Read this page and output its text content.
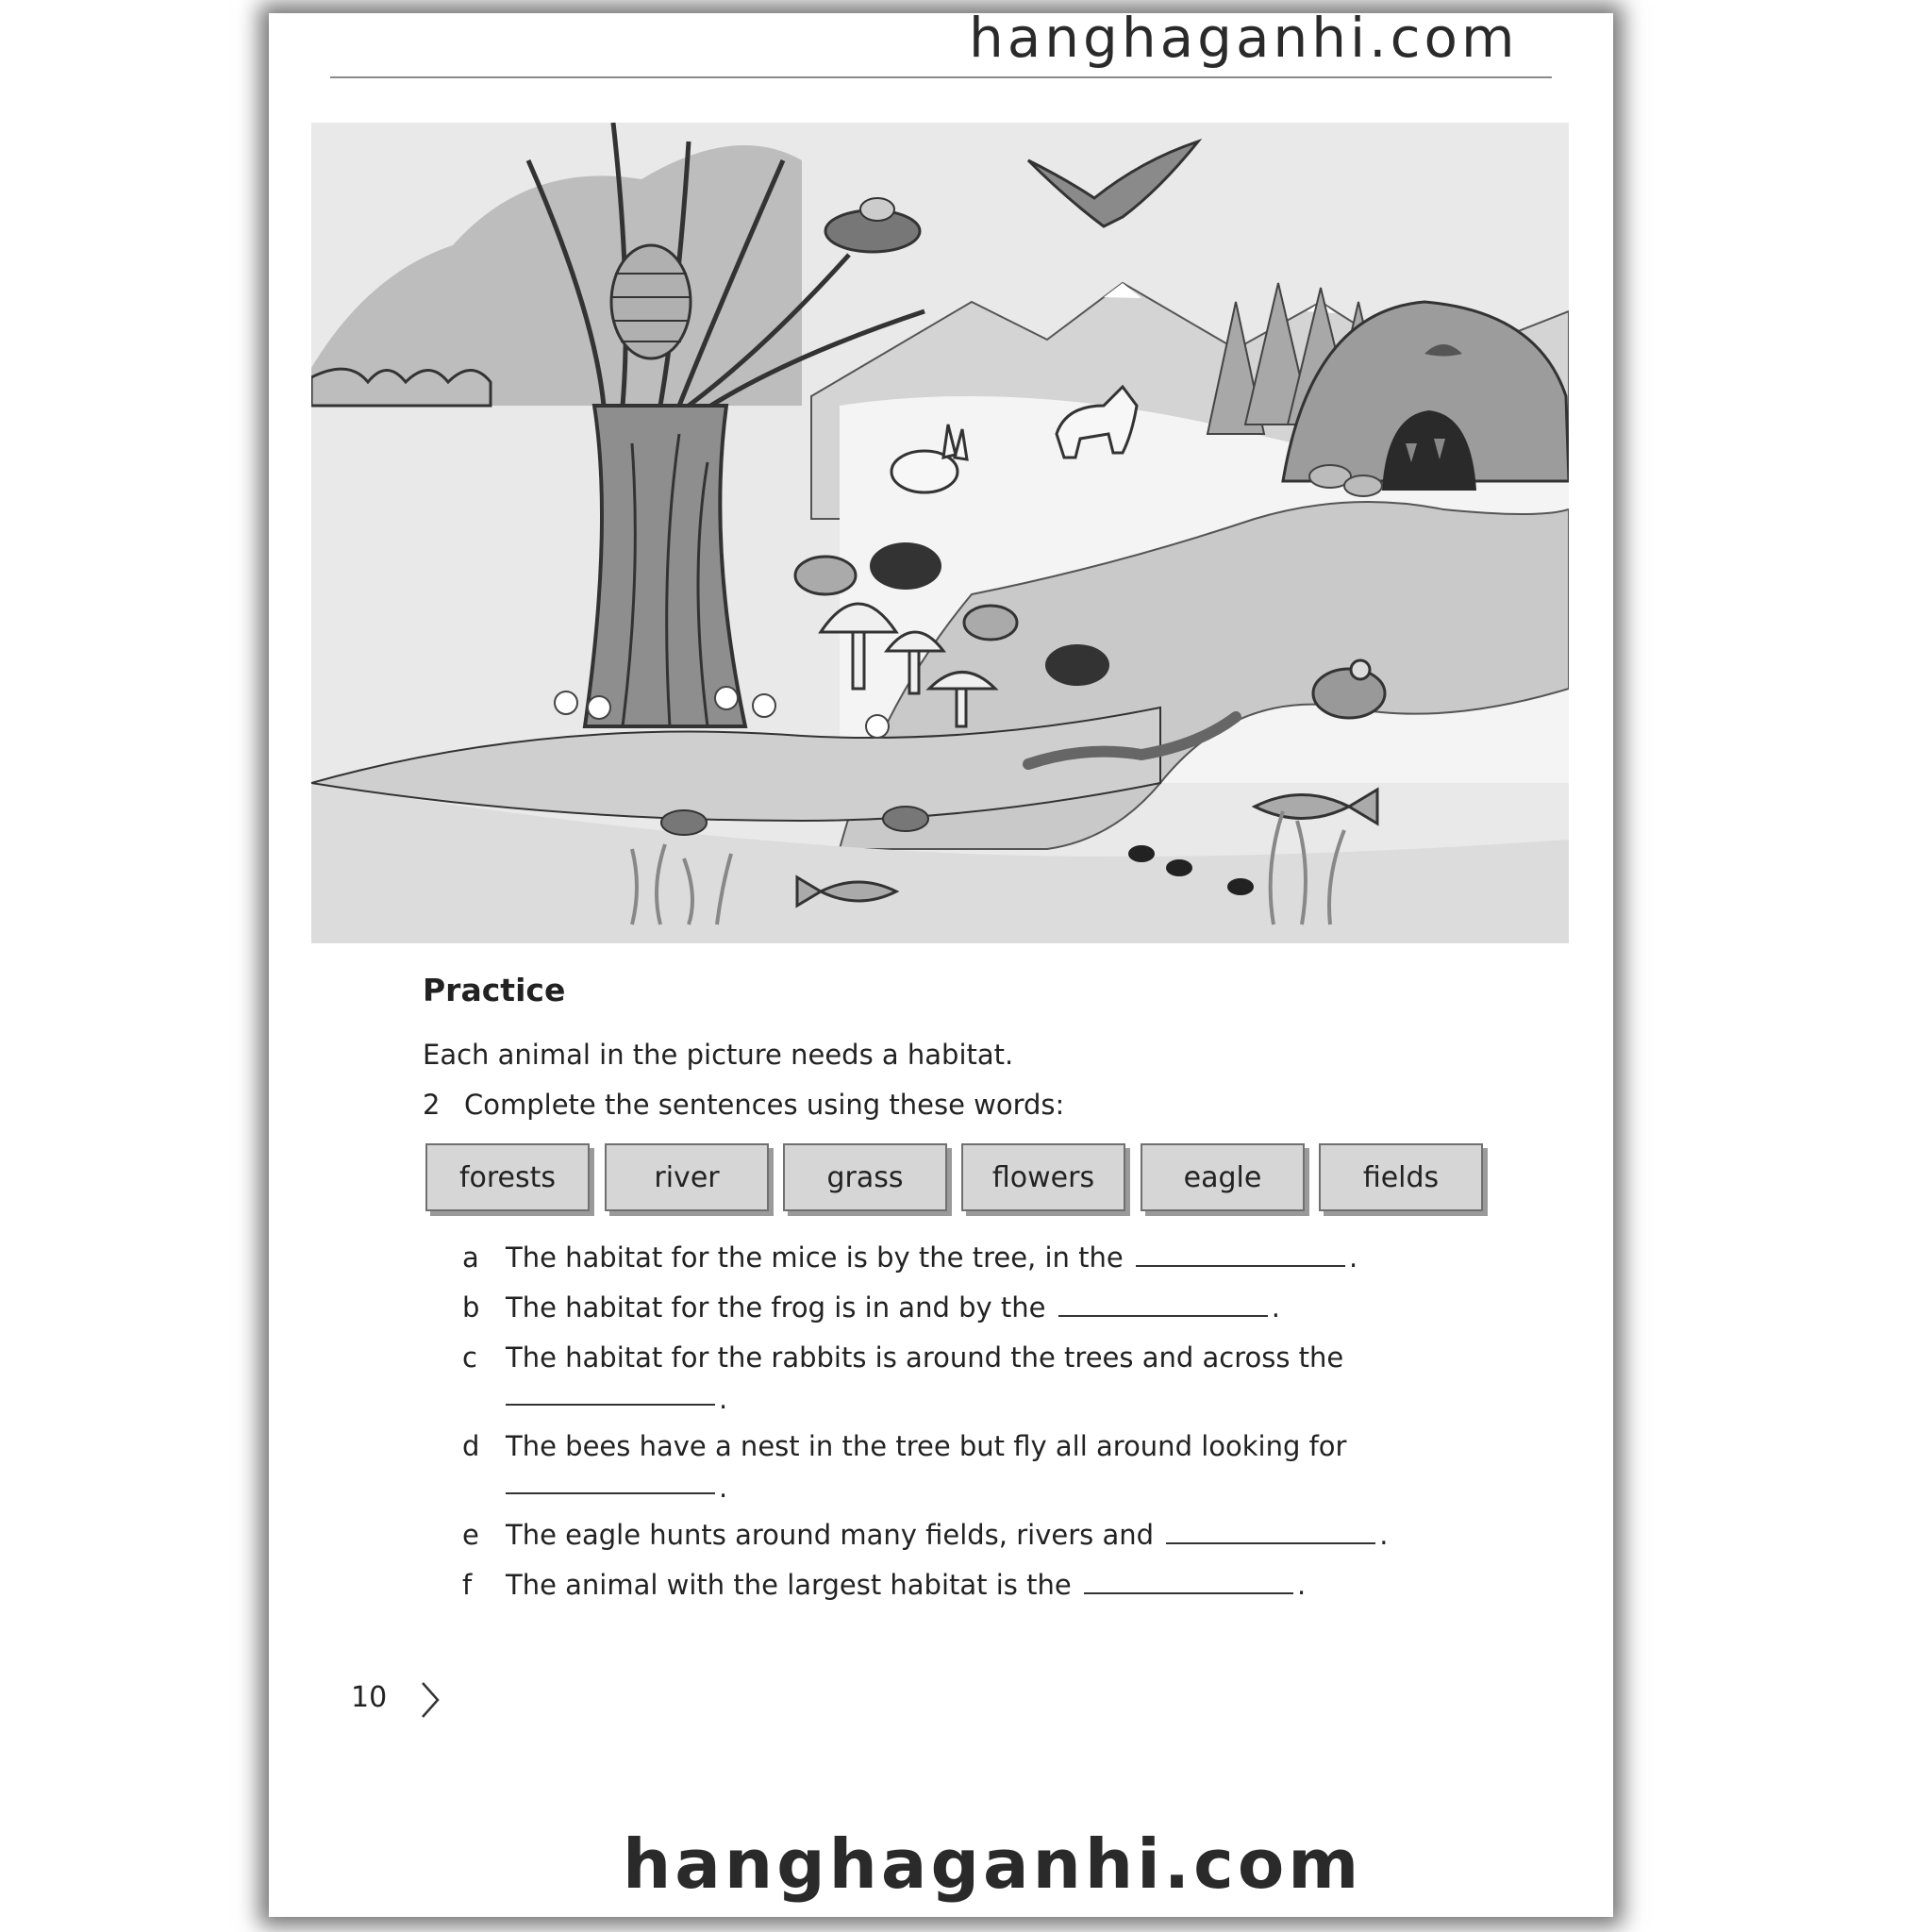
hanghaganhi.com
Practice
Each animal in the picture needs a habitat.
2 Complete the sentences using these words:
forests	river	grass	flowers	eagle	fields
a The habitat for the mice is by the tree, in the	.
b The habitat for the frog is in and by the	.
c The habitat for the rabbits is around the trees and across the
.
d The bees have a nest in the tree but fly all around looking for
.
e The eagle hunts around many fields, rivers and	.
f The animal with the largest habitat is the	.
10
hanghaganhi.com
